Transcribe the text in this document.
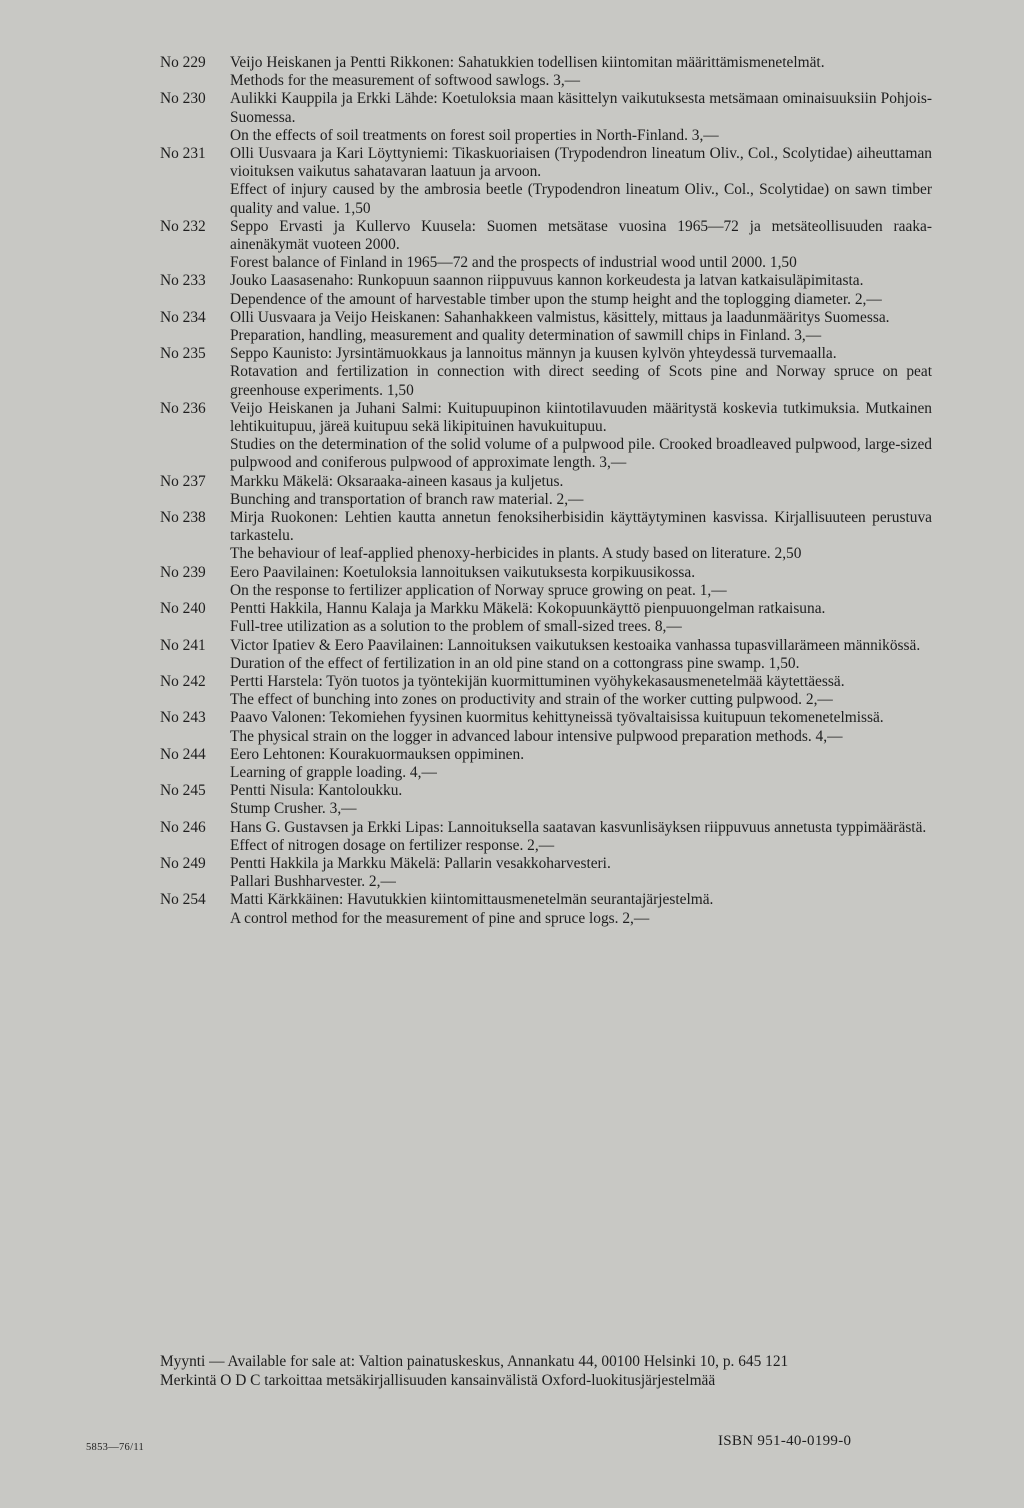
No 229	Veijo Heiskanen ja Pentti Rikkonen: Sahatukkien todellisen kiintomitan määrittämismenetelmät.
Methods for the measurement of softwood sawlogs. 3,—
No 230	Aulikki Kauppila ja Erkki Lähde: Koetuloksia maan käsittelyn vaikutuksesta metsämaan ominaisuuksiin Pohjois-Suomessa.
On the effects of soil treatments on forest soil properties in North-Finland. 3,—
No 231	Olli Uusvaara ja Kari Löyttyniemi: Tikaskuoriaisen (Trypodendron lineatum Oliv., Col., Scolytidae) aiheuttaman vioituksen vaikutus sahatavaran laatuun ja arvoon.
Effect of injury caused by the ambrosia beetle (Trypodendron lineatum Oliv., Col., Scolytidae) on sawn timber quality and value. 1,50
No 232	Seppo Ervasti ja Kullervo Kuusela: Suomen metsätase vuosina 1965—72 ja metsäteollisuuden raaka-ainenäkymät vuoteen 2000.
Forest balance of Finland in 1965—72 and the prospects of industrial wood until 2000. 1,50
No 233	Jouko Laasasenaho: Runkopuun saannon riippuvuus kannon korkeudesta ja latvan katkaisuläpimitasta.
Dependence of the amount of harvestable timber upon the stump height and the toplogging diameter. 2,—
No 234	Olli Uusvaara ja Veijo Heiskanen: Sahanhakkeen valmistus, käsittely, mittaus ja laadunmääritys Suomessa.
Preparation, handling, measurement and quality determination of sawmill chips in Finland. 3,—
No 235	Seppo Kaunisto: Jyrsintämuokkaus ja lannoitus männyn ja kuusen kylvön yhteydessä turvemaalla.
Rotavation and fertilization in connection with direct seeding of Scots pine and Norway spruce on peat greenhouse experiments. 1,50
No 236	Veijo Heiskanen ja Juhani Salmi: Kuitupuupinon kiintotilavuuden määritystä koskevia tutkimuksia. Mutkainen lehtikuitupuu, järeä kuitupuu sekä likipituinen havukuitupuu.
Studies on the determination of the solid volume of a pulpwood pile. Crooked broadleaved pulpwood, large-sized pulpwood and coniferous pulpwood of approximate length. 3,—
No 237	Markku Mäkelä: Oksaraaka-aineen kasaus ja kuljetus.
Bunching and transportation of branch raw material. 2,—
No 238	Mirja Ruokonen: Lehtien kautta annetun fenoksiherbisidin käyttäytyminen kasvissa. Kirjallisuuteen perustuva tarkastelu.
The behaviour of leaf-applied phenoxy-herbicides in plants. A study based on literature. 2,50
No 239	Eero Paavilainen: Koetuloksia lannoituksen vaikutuksesta korpikuusikossa.
On the response to fertilizer application of Norway spruce growing on peat. 1,—
No 240	Pentti Hakkila, Hannu Kalaja ja Markku Mäkelä: Kokopuunkäyttö pienpuuongelman ratkaisuna.
Full-tree utilization as a solution to the problem of small-sized trees. 8,—
No 241	Victor Ipatiev & Eero Paavilainen: Lannoituksen vaikutuksen kestoaika vanhassa tupasvillarämeen männikössä.
Duration of the effect of fertilization in an old pine stand on a cottongrass pine swamp. 1,50.
No 242	Pertti Harstela: Työn tuotos ja työntekijän kuormittuminen vyöhykekasausmenetelmää käytettäessä.
The effect of bunching into zones on productivity and strain of the worker cutting pulpwood. 2,—
No 243	Paavo Valonen: Tekomiehen fyysinen kuormitus kehittyneissä työvaltaisissa kuitupuun tekomenetelmissä.
The physical strain on the logger in advanced labour intensive pulpwood preparation methods. 4,—
No 244	Eero Lehtonen: Kourakuormauksen oppiminen.
Learning of grapple loading. 4,—
No 245	Pentti Nisula: Kantoloukku.
Stump Crusher. 3,—
No 246	Hans G. Gustavsen ja Erkki Lipas: Lannoituksella saatavan kasvunlisäyksen riippuvuus annetusta typpimäärästä.
Effect of nitrogen dosage on fertilizer response. 2,—
No 249	Pentti Hakkila ja Markku Mäkelä: Pallarin vesakkoharvesteri.
Pallari Bushharvester. 2,—
No 254	Matti Kärkkäinen: Havutukkien kiintomittausmenetelmän seurantajärjestelmä.
A control method for the measurement of pine and spruce logs. 2,—
Myynti — Available for sale at: Valtion painatuskeskus, Annankatu 44, 00100 Helsinki 10, p. 645 121
Merkintä O D C tarkoittaa metsäkirjallisuuden kansainvälistä Oxford-luokitusjärjestelmää
5853—76/11	ISBN 951-40-0199-0
